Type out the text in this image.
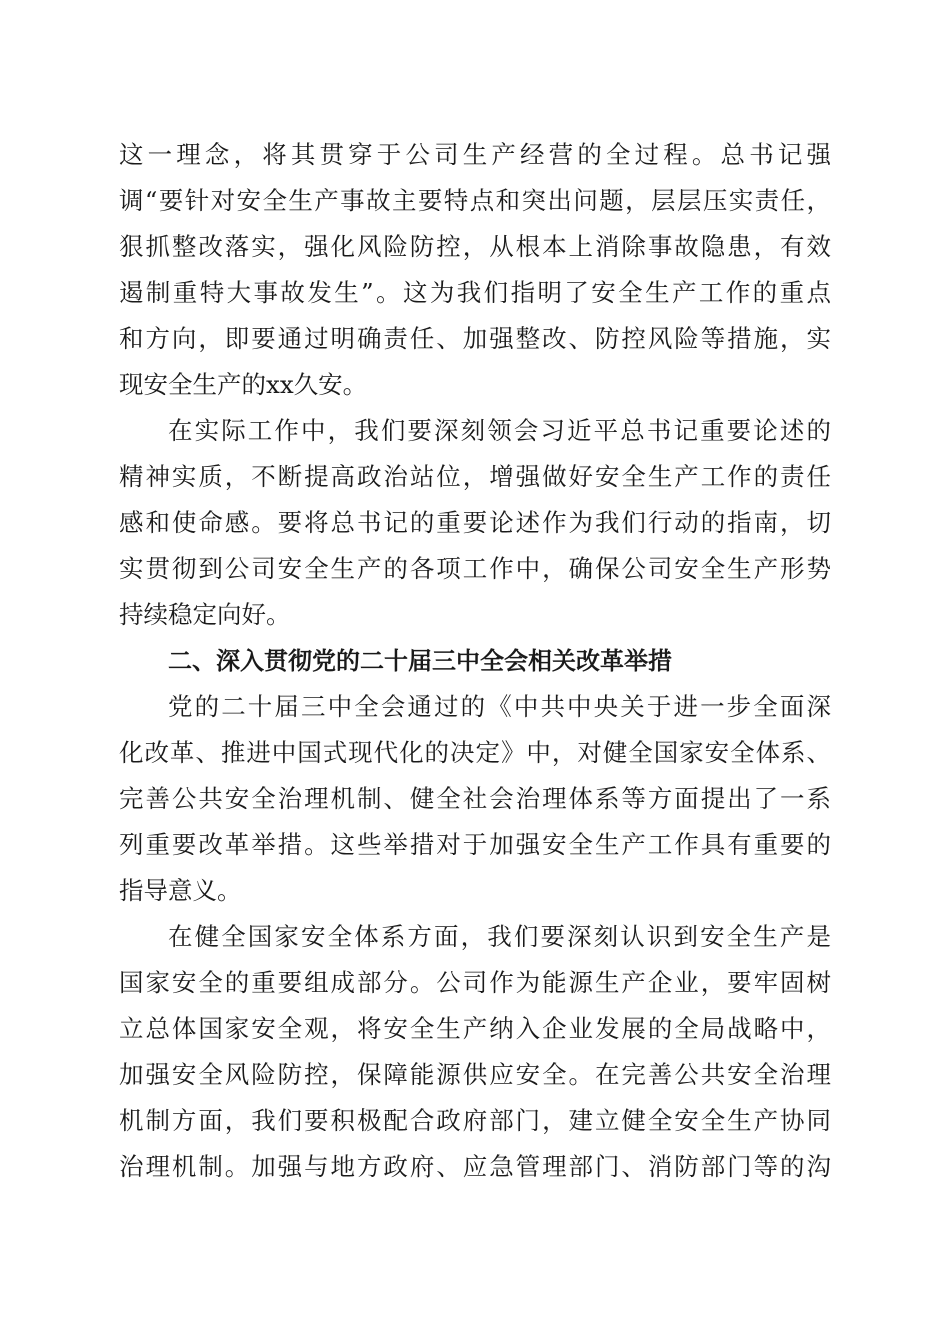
这一理念，将其贯穿于公司生产经营的全过程。总书记强
调“要针对安全生产事故主要特点和突出问题，层层压实责任，
狠抓整改落实，强化风险防控，从根本上消除事故隐患，有效
遏制重特大事故发生”。这为我们指明了安全生产工作的重点
和方向，即要通过明确责任、加强整改、防控风险等措施，实
现安全生产的xx久安。
在实际工作中，我们要深刻领会习近平总书记重要论述的
精神实质，不断提高政治站位，增强做好安全生产工作的责任
感和使命感。要将总书记的重要论述作为我们行动的指南，切
实贯彻到公司安全生产的各项工作中，确保公司安全生产形势
持续稳定向好。
二、深入贯彻党的二十届三中全会相关改革举措
党的二十届三中全会通过的《中共中央关于进一步全面深
化改革、推进中国式现代化的决定》中，对健全国家安全体系、
完善公共安全治理机制、健全社会治理体系等方面提出了一系
列重要改革举措。这些举措对于加强安全生产工作具有重要的
指导意义。
在健全国家安全体系方面，我们要深刻认识到安全生产是
国家安全的重要组成部分。公司作为能源生产企业，要牢固树
立总体国家安全观，将安全生产纳入企业发展的全局战略中，
加强安全风险防控，保障能源供应安全。在完善公共安全治理
机制方面，我们要积极配合政府部门，建立健全安全生产协同
治理机制。加强与地方政府、应急管理部门、消防部门等的沟
